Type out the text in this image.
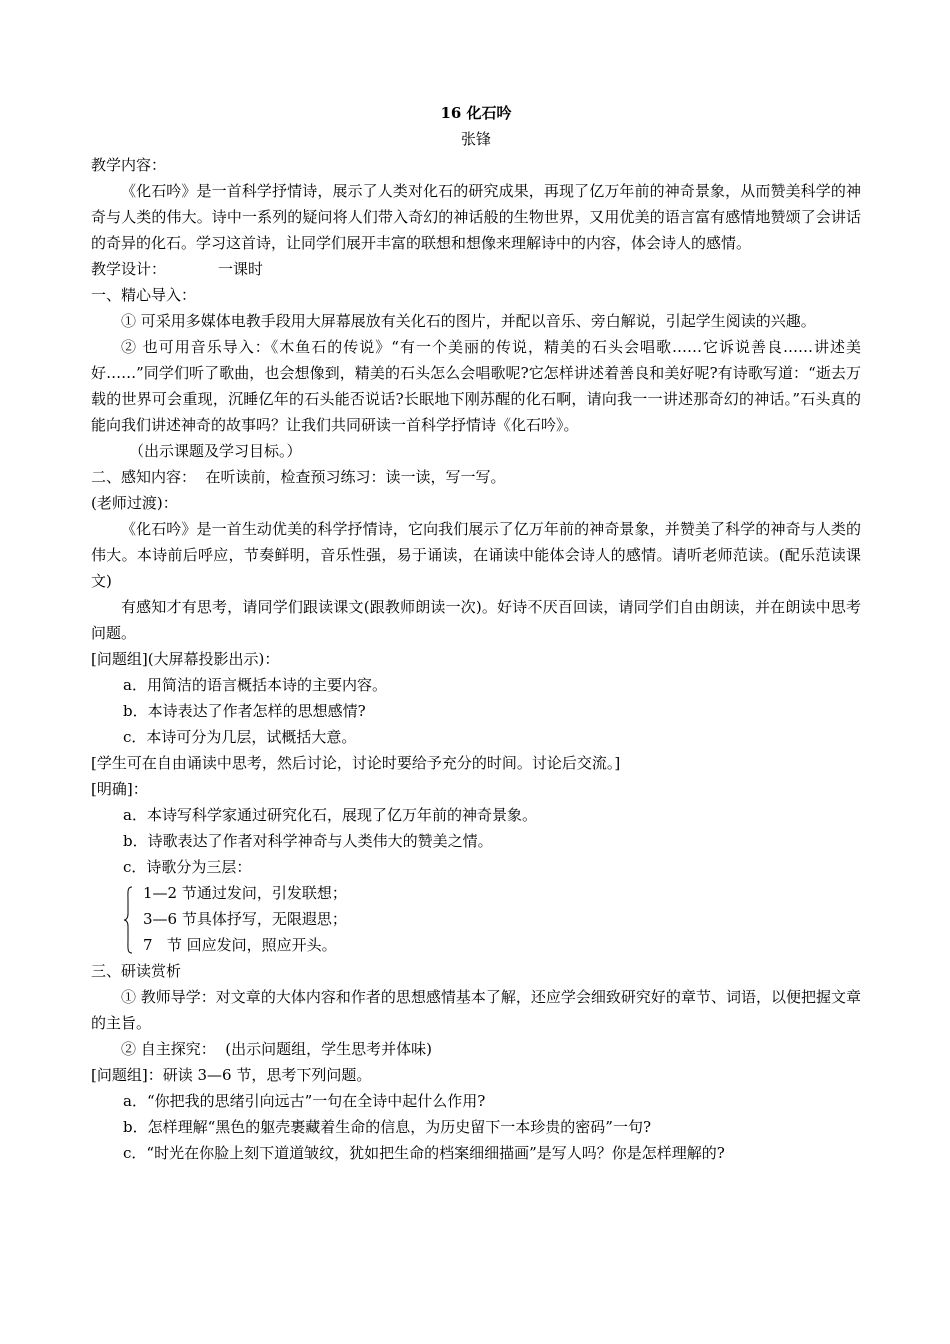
16 化石吟
张锋
教学内容：
《化石吟》是一首科学抒情诗，展示了人类对化石的研究成果，再现了亿万年前的神奇景象，从而赞美科学的神奇与人类的伟大。诗中一系列的疑问将人们带入奇幻的神话般的生物世界，又用优美的语言富有感情地赞颂了会讲话的奇异的化石。学习这首诗，让同学们展开丰富的联想和想像来理解诗中的内容，体会诗人的感情。
教学设计：	一课时
一、精心导入：
① 可采用多媒体电教手段用大屏幕展放有关化石的图片，并配以音乐、旁白解说，引起学生阅读的兴趣。
② 也可用音乐导入：《木鱼石的传说》“有一个美丽的传说，精美的石头会唱歌……它诉说善良……讲述美好……”同学们听了歌曲，也会想像到，精美的石头怎么会唱歌呢?它怎样讲述着善良和美好呢?有诗歌写道：“逝去万载的世界可会重现，沉睡亿年的石头能否说话?长眠地下刚苏醒的化石啊，请向我一一讲述那奇幻的神话。”石头真的能向我们讲述神奇的故事吗？让我们共同研读一首科学抒情诗《化石吟》。
（出示课题及学习目标。）
二、感知内容：  在听读前，检查预习练习：读一读，写一写。
(老师过渡)：
《化石吟》是一首生动优美的科学抒情诗，它向我们展示了亿万年前的神奇景象，并赞美了科学的神奇与人类的伟大。本诗前后呼应，节奏鲜明，音乐性强，易于诵读，在诵读中能体会诗人的感情。请听老师范读。(配乐范读课文)
有感知才有思考，请同学们跟读课文(跟教师朗读一次)。好诗不厌百回读，请同学们自由朗读，并在朗读中思考问题。
[问题组](大屏幕投影出示)：
a．用简洁的语言概括本诗的主要内容。
b．本诗表达了作者怎样的思想感情?
c．本诗可分为几层，试概括大意。
[学生可在自由诵读中思考，然后讨论，讨论时要给予充分的时间。讨论后交流。]
[明确]：
a．本诗写科学家通过研究化石，展现了亿万年前的神奇景象。
b．诗歌表达了作者对科学神奇与人类伟大的赞美之情。
c．诗歌分为三层：
1—2 节通过发问，引发联想；
3—6 节具体抒写，无限遐思；
7   节 回应发问，照应开头。
三、研读赏析
① 教师导学：对文章的大体内容和作者的思想感情基本了解，还应学会细致研究好的章节、词语，以便把握文章的主旨。
② 自主探究：  (出示问题组，学生思考并体味)
[问题组]：研读 3—6 节，思考下列问题。
a．“你把我的思绪引向远古”一句在全诗中起什么作用?
b．怎样理解“黑色的躯壳裹藏着生命的信息，为历史留下一本珍贵的密码”一句?
c．“时光在你脸上刻下道道皱纹，犹如把生命的档案细细描画”是写人吗？你是怎样理解的?
